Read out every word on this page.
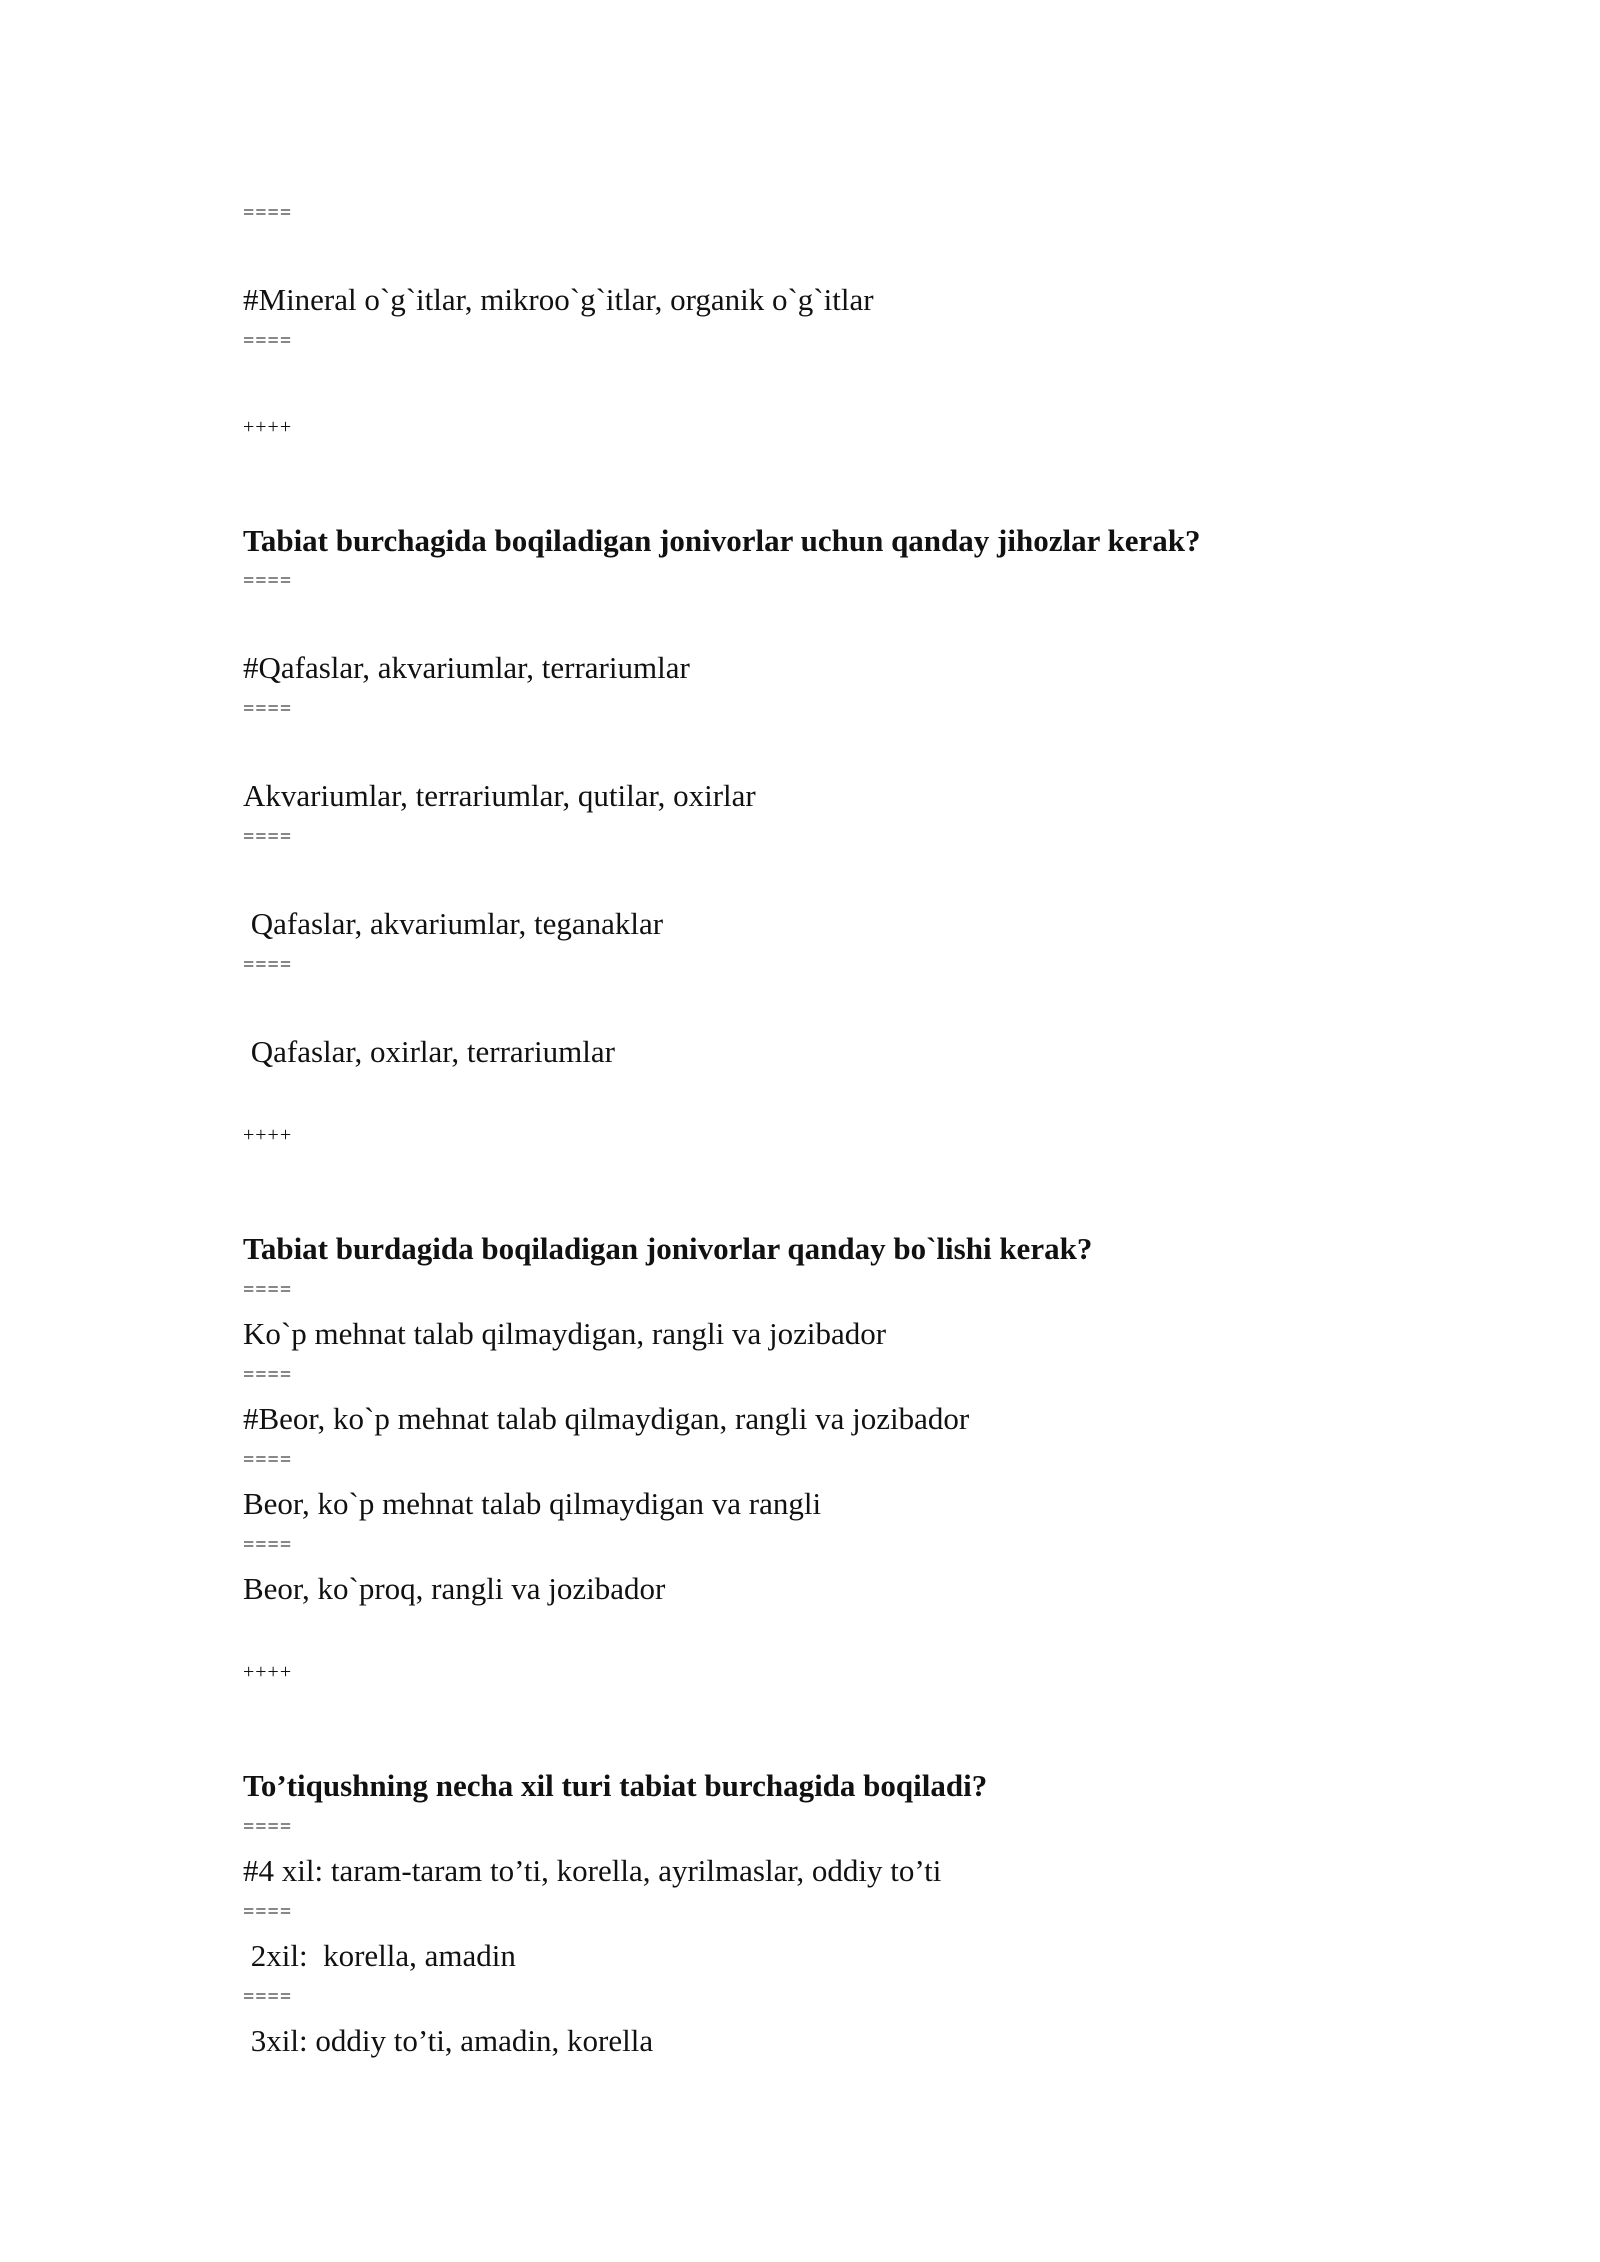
====
#Mineral o`g`itlar, mikroo`g`itlar, organik o`g`itlar
====
++++
Tabiat burchagida boqiladigan jonivorlar uchun qanday jihozlar kerak?
====
#Qafaslar, akvariumlar, terrariumlar
====
Akvariumlar, terrariumlar, qutilar, oxirlar
====
Qafaslar, akvariumlar, teganaklar
====
Qafaslar, oxirlar, terrariumlar
++++
Tabiat burdagida boqiladigan jonivorlar qanday bo`lishi kerak?
====
Ko`p mehnat talab qilmaydigan, rangli va jozibador
====
#Beor, ko`p mehnat talab qilmaydigan, rangli va jozibador
====
Beor, ko`p mehnat talab qilmaydigan va rangli
====
Beor, ko`proq, rangli va jozibador
++++
To’tiqushning necha xil turi tabiat burchagida boqiladi?
====
#4 xil: taram-taram to’ti, korella, ayrilmaslar, oddiy to’ti
====
2xil:  korella, amadin
====
3xil: oddiy to’ti, amadin, korella
